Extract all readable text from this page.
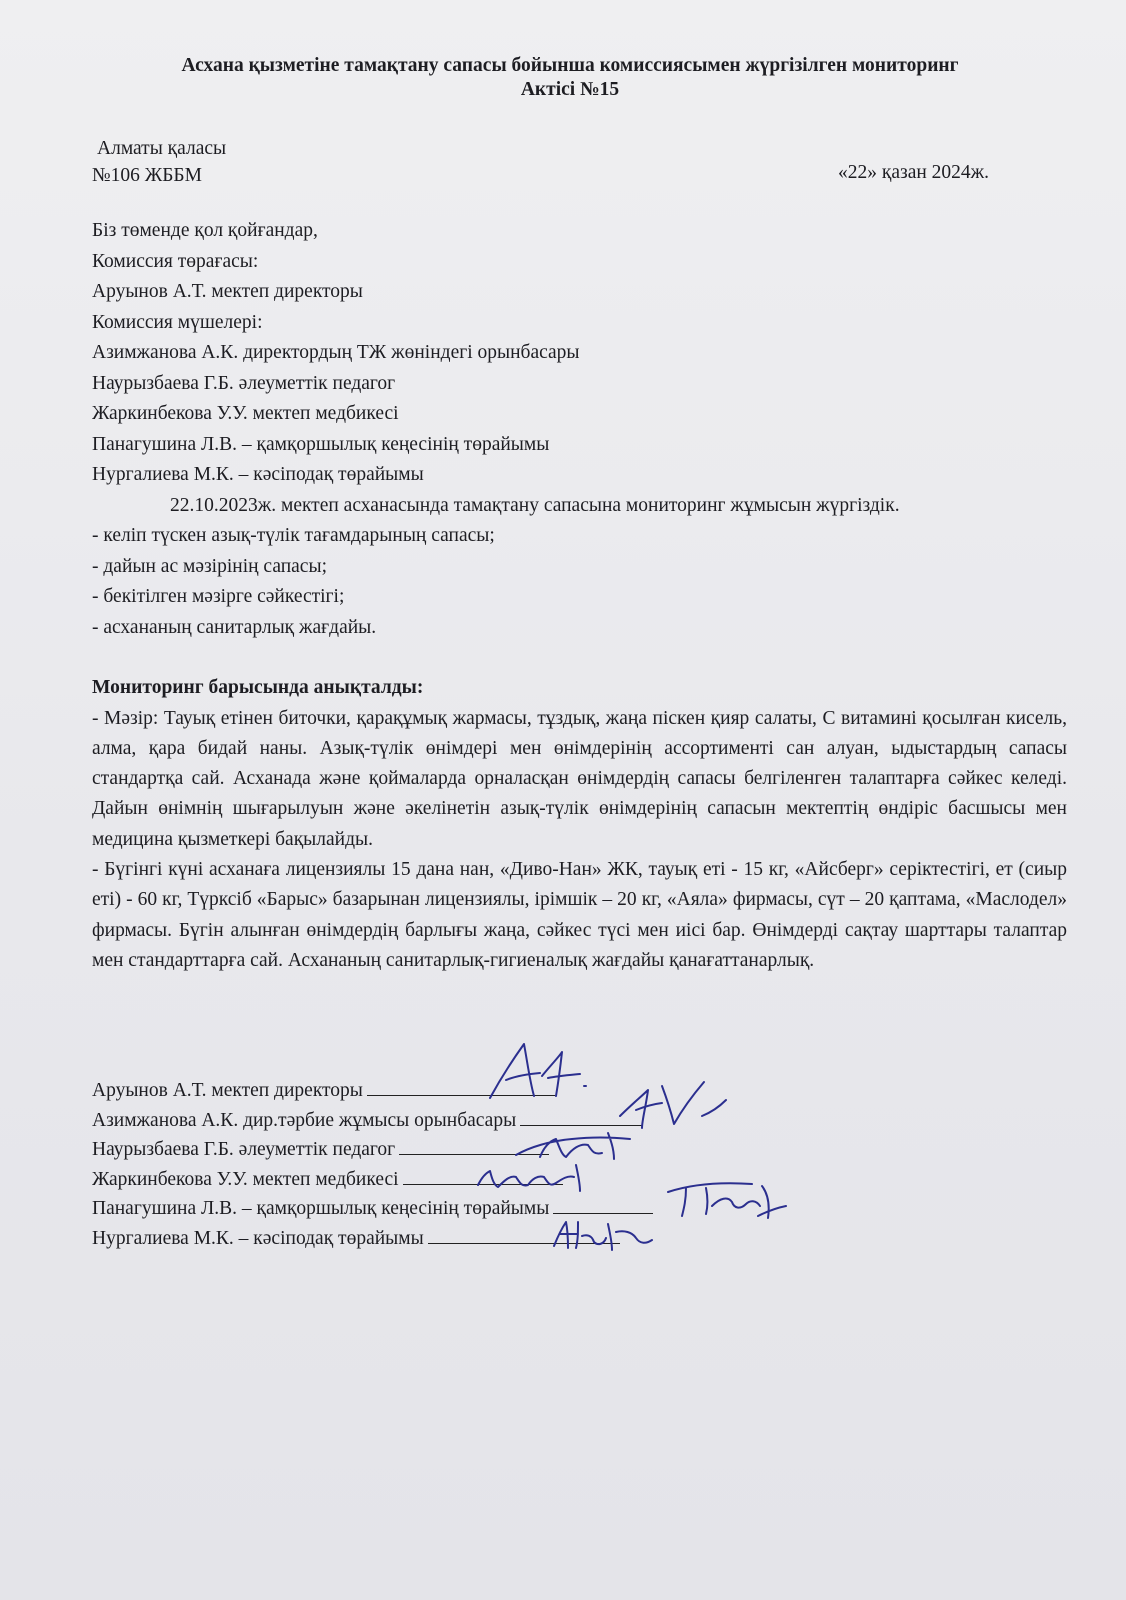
Асхана қызметіне тамақтану сапасы бойынша комиссиясымен жүргізілген мониторинг
Актісі №15
Алматы қаласы
№106 ЖББМ	«22» қазан 2024ж.
Біз төменде қол қойғандар,
Комиссия төрағасы:
Аруынов А.Т. мектеп директоры
Комиссия мүшелері:
Азимжанова А.К. директордың ТЖ жөніндегі орынбасары
Наурызбаева Г.Б. әлеуметтік педагог
Жаркинбекова У.У. мектеп медбикесі
Панагушина Л.В. – қамқоршылық кеңесінің төрайымы
Нургалиева М.К. – кәсіподақ төрайымы
22.10.2023ж. мектеп асханасында тамақтану сапасына мониторинг жұмысын жүргіздік.
- келіп түскен азық-түлік тағамдарының сапасы;
- дайын ас мәзірінің сапасы;
- бекітілген мәзірге сәйкестігі;
- асхананың санитарлық жағдайы.
Мониторинг барысында анықталды:
- Мәзір: Тауық етінен биточки, қарақұмық жармасы, тұздық, жаңа піскен қияр салаты, С витамині қосылған кисель, алма, қара бидай наны. Азық-түлік өнімдері мен өнімдерінің ассортименті сан алуан, ыдыстардың сапасы стандартқа сай. Асханада және қоймаларда орналасқан өнімдердің сапасы белгіленген талаптарға сәйкес келеді. Дайын өнімнің шығарылуын және әкелінетін азық-түлік өнімдерінің сапасын мектептің өндіріс басшысы мен медицина қызметкері бақылайды.
- Бүгінгі күні асханаға лицензиялы 15 дана нан, «Диво-Нан» ЖК, тауық еті - 15 кг, «Айсберг» серіктестігі, ет (сиыр еті) - 60 кг, Түрксіб «Барыс» базарынан лицензиялы, ірімшік – 20 кг, «Аяла» фирмасы, сүт – 20 қаптама, «Маслодел» фирмасы. Бүгін алынған өнімдердің барлығы жаңа, сәйкес түсі мен иісі бар. Өнімдерді сақтау шарттары талаптар мен стандарттарға сай. Асхананың санитарлық-гигиеналық жағдайы қанағаттанарлық.
Аруынов А.Т. мектеп директоры
Азимжанова А.К. дир.тәрбие жұмысы орынбасары
Наурызбаева Г.Б. әлеуметтік педагог
Жаркинбекова У.У. мектеп медбикесі
Панагушина Л.В. – қамқоршылық кеңесінің төрайымы
Нургалиева М.К. – кәсіподақ төрайымы
